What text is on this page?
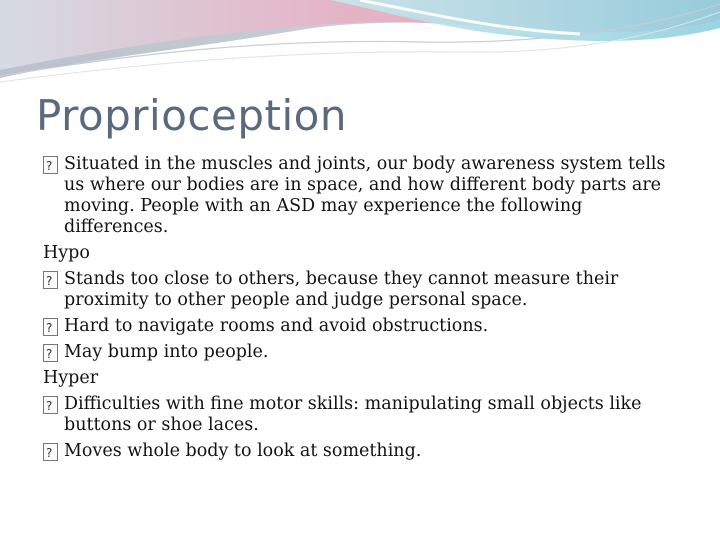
Proprioception
?
Situated in the muscles and joints, our body awareness system tells us where our bodies are in space, and how different body parts are moving. People with an ASD may experience the following differences.
Hypo
?
Stands too close to others, because they cannot measure their proximity to other people and judge personal space.
?
Hard to navigate rooms and avoid obstructions.
?
May bump into people.
Hyper
?
Difficulties with fine motor skills: manipulating small objects like buttons or shoe laces.
?
Moves whole body to look at something.
